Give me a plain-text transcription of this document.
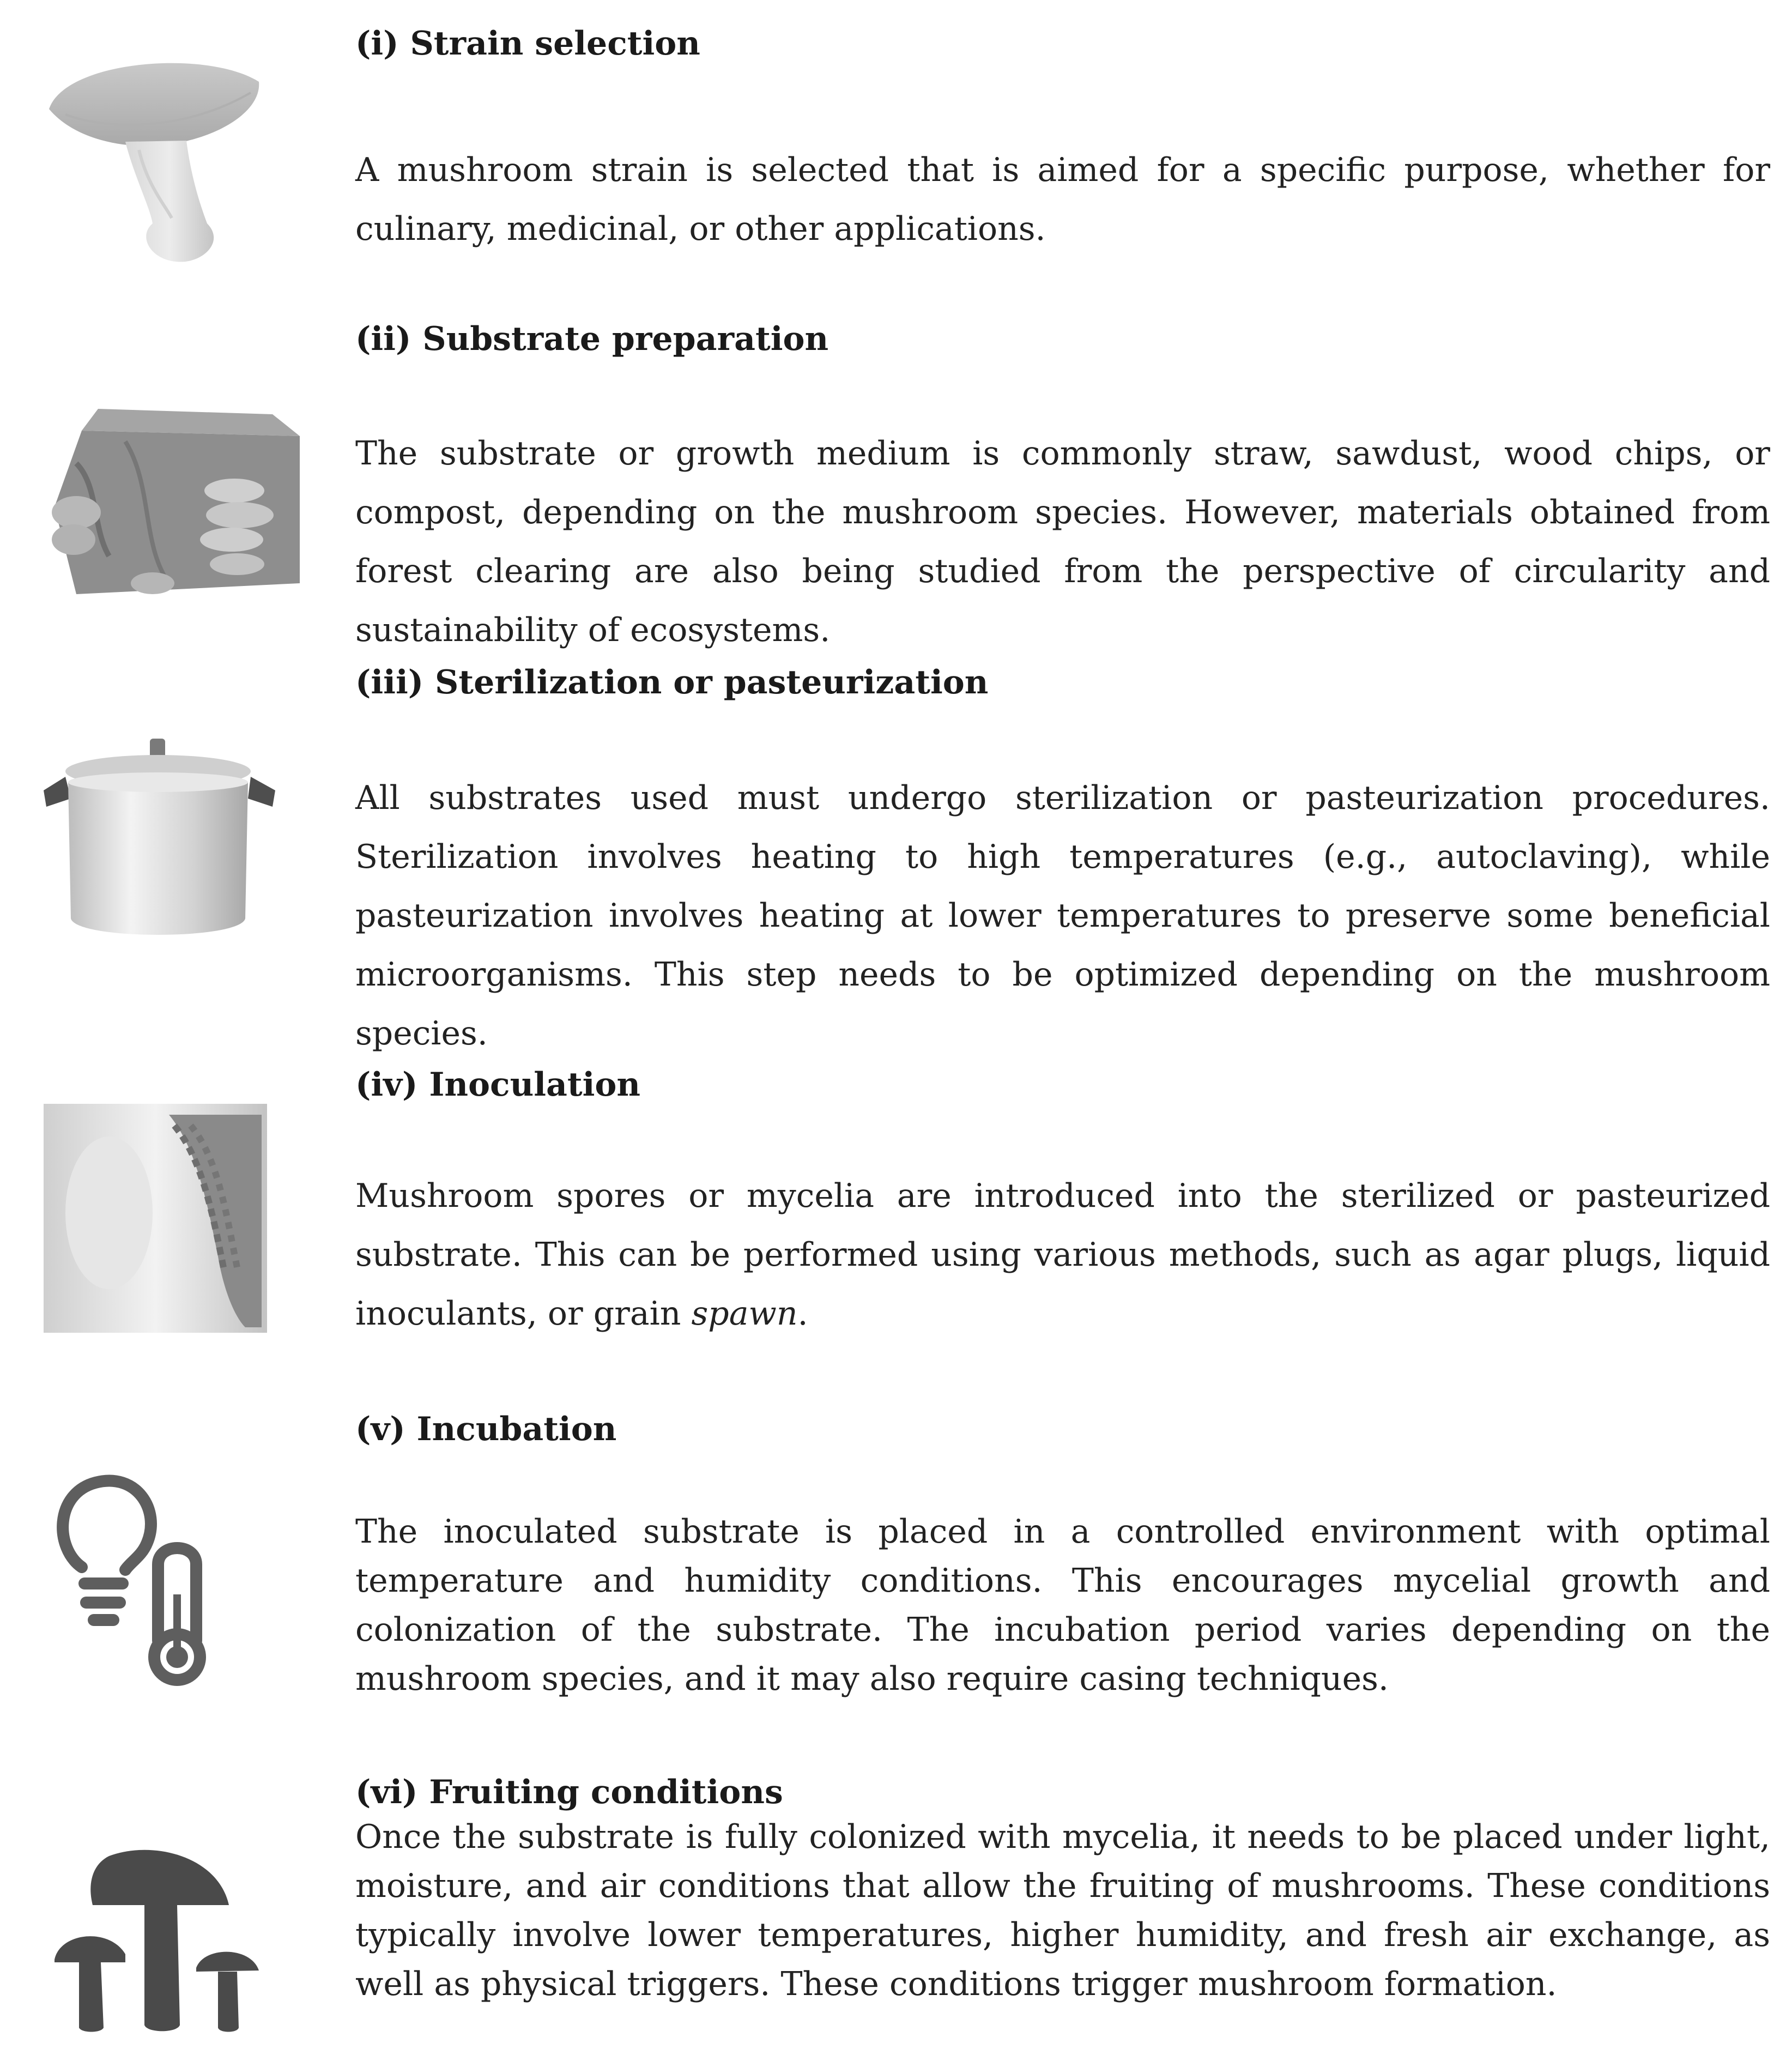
(i) Strain selection

A mushroom strain is selected that is aimed for a specific purpose, whether for culinary, medicinal, or other applications.

(ii) Substrate preparation

The substrate or growth medium is commonly straw, sawdust, wood chips, or compost, depending on the mushroom species. However, materials obtained from forest clearing are also being studied from the perspective of circularity and sustainability of ecosystems.

(iii) Sterilization or pasteurization

All substrates used must undergo sterilization or pasteurization procedures. Sterilization involves heating to high temperatures (e.g., autoclaving), while pasteurization involves heating at lower temperatures to preserve some beneficial microorganisms. This step needs to be optimized depending on the mushroom species.

(iv) Inoculation

Mushroom spores or mycelia are introduced into the sterilized or pasteurized substrate. This can be performed using various methods, such as agar plugs, liquid inoculants, or grain spawn.

(v) Incubation

The inoculated substrate is placed in a controlled environment with optimal temperature and humidity conditions. This encourages mycelial growth and colonization of the substrate. The incubation period varies depending on the mushroom species, and it may also require casing techniques.

(vi) Fruiting conditions

Once the substrate is fully colonized with mycelia, it needs to be placed under light, moisture, and air conditions that allow the fruiting of mushrooms. These conditions typically involve lower temperatures, higher humidity, and fresh air exchange, as well as physical triggers. These conditions trigger mushroom formation.
